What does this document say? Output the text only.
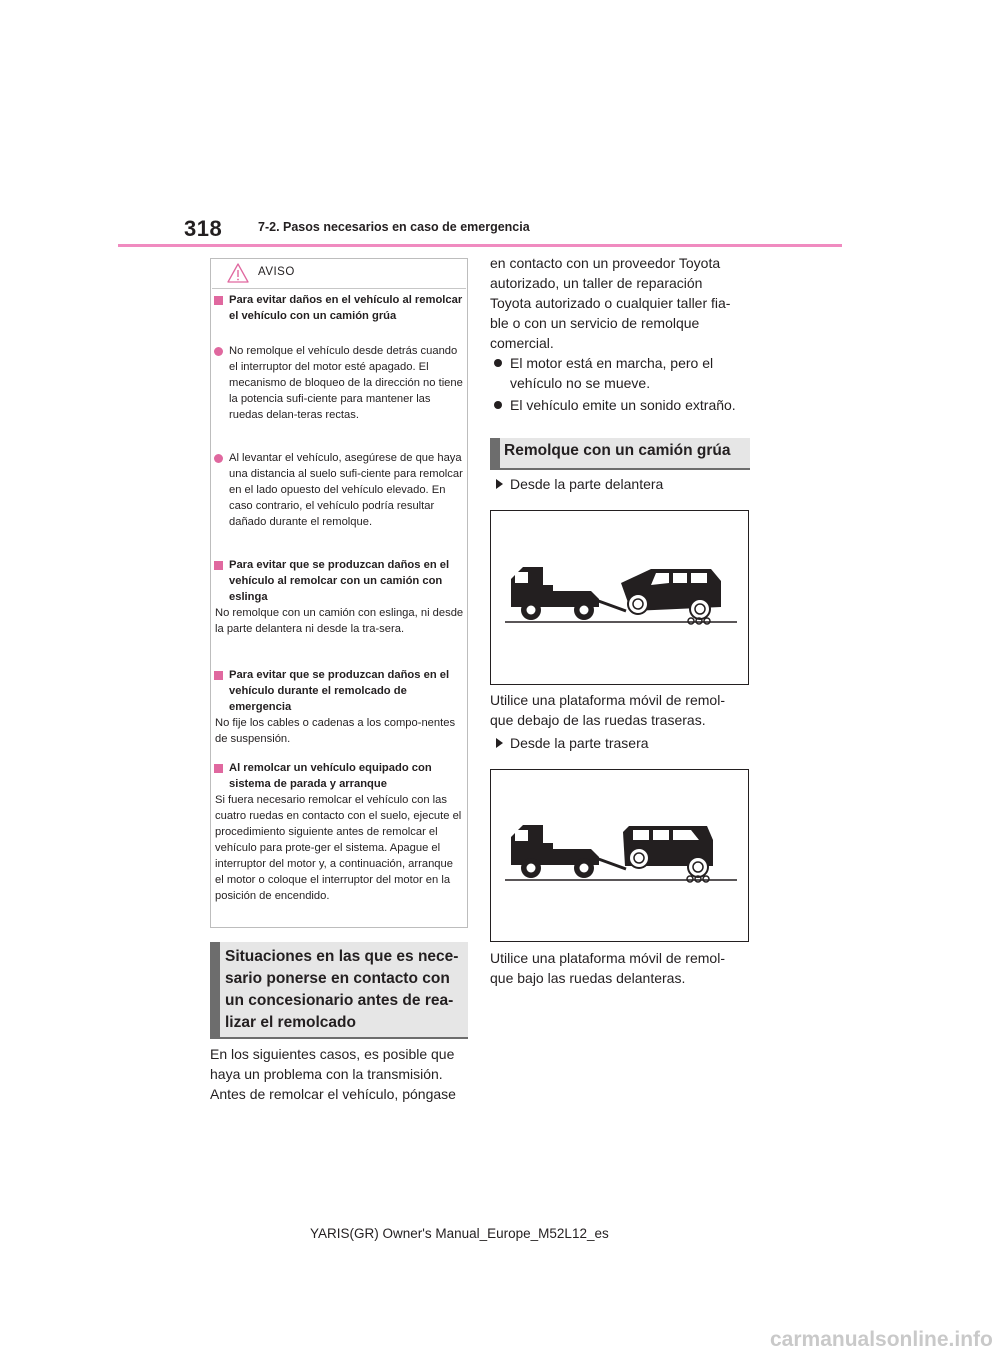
318	7-2. Pasos necesarios en caso de emergencia
AVISO
Para evitar daños en el vehículo al remolcar el vehículo con un camión grúa
No remolque el vehículo desde detrás cuando el interruptor del motor esté apagado. El mecanismo de bloqueo de la dirección no tiene la potencia sufi-ciente para mantener las ruedas delan-teras rectas.
Al levantar el vehículo, asegúrese de que haya una distancia al suelo sufi-ciente para remolcar en el lado opuesto del vehículo elevado. En caso contrario, el vehículo podría resultar dañado durante el remolque.
Para evitar que se produzcan daños en el vehículo al remolcar con un camión con eslinga
No remolque con un camión con eslinga, ni desde la parte delantera ni desde la tra-sera.
Para evitar que se produzcan daños en el vehículo durante el remolcado de emergencia
No fije los cables o cadenas a los compo-nentes de suspensión.
Al remolcar un vehículo equipado con sistema de parada y arranque
Si fuera necesario remolcar el vehículo con las cuatro ruedas en contacto con el suelo, ejecute el procedimiento siguiente antes de remolcar el vehículo para prote-ger el sistema. Apague el interruptor del motor y, a continuación, arranque el motor o coloque el interruptor del motor en la posición de encendido.
Situaciones en las que es nece-
sario ponerse en contacto con
un concesionario antes de rea-
lizar el remolcado
En los siguientes casos, es posible que
haya un problema con la transmisión.
Antes de remolcar el vehículo, póngase
en contacto con un proveedor Toyota
autorizado, un taller de reparación
Toyota autorizado o cualquier taller fia-
ble o con un servicio de remolque
comercial.
El motor está en marcha, pero el
vehículo no se mueve.
El vehículo emite un sonido extraño.
Remolque con un camión grúa
Desde la parte delantera
Utilice una plataforma móvil de remol-
que debajo de las ruedas traseras.
Desde la parte trasera
Utilice una plataforma móvil de remol-
que bajo las ruedas delanteras.
YARIS(GR) Owner's Manual_Europe_M52L12_es
carmanualsonline.info
